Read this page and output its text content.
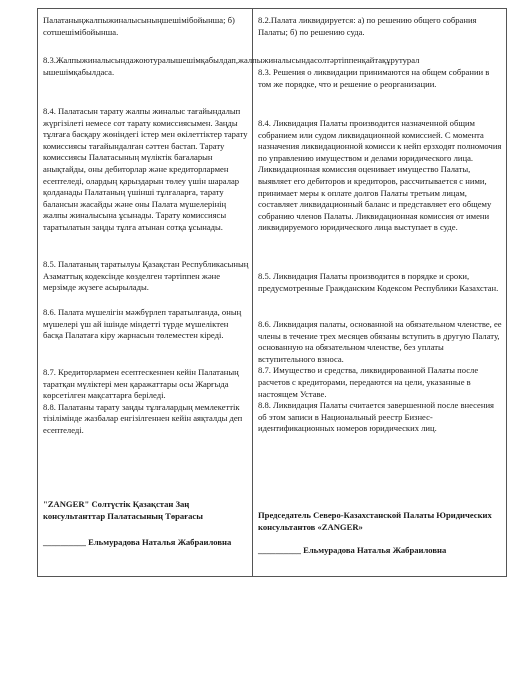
Палатаныңжалпыжиналысыныңшешімібойынша; б) сотшешімібойынша.

8.3.Жалпыжиналысындажоютуралышешімқабылдап,жалпыжиналысындасолтәртіппенқайтақұрутурал ышешімқабылдаса.

8.4. Палатасын тарату жалпы жиналыс тағайындалып жүргізілеті немесе сот тарату комиссиясымен. Заңды тұлғаға басқару жөніндегі істер мен өкілеттіктер тарату комиссиясы тағайындалған сәттен бастап. Тарату комиссиясы Палатасының мүліктік бағаларын анықтайды, оны дебиторлар және кредиторлармен есептеледі, олардың қарыздарын төлеу үшін шаралар қолданады Палатаның үшінші тұлғаларға, тарату балансын жасайды және оны Палата мүшелерінің жалпы жиналысына ұсынады. Тарату комиссиясы таратылатын заңды тұлға атынан сотқа ұсынады.

8.5. Палатаның таратылуы Қазақстан Республикасының Азаматтық кодексінде көзделген тәртіппен және мерзімде жүзеге асырылады.

8.6. Палата мүшелігін мәжбүрлеп таратылғанда, оның мүшелері үш ай ішінде міндетті түрде мүшеліктен басқа Палатаға кіру жарнасын төлеместен кіреді.

8.7. Кредиторлармен есептескеннен кейін Палатаның таратқан мүліктері мен қаражаттары осы Жарғыда көрсетілген мақсаттарға беріледі.
8.8. Палатаны тарату заңды тұлғалардың мемлекеттік тізілімінде жазбалар енгізілгеннен кейін аяқталды деп есептеледі.

"ZANGER" Солтүстік Қазақстан Заң консультанттар Палатасының Төрағасы

__________ Ельмурадова Наталья Жабраиловна

8.2.Палата ликвидируется: а) по решению общего собрания Палаты; б) по решению суда.

8.3. Решения о ликвидации принимаются на общем собрании в том же порядке, что и решение о реорганизации.

8.4. Ликвидация Палаты производится назначенной общим собранием или судом ликвидационной комиссией. С момента назначения ликвидационной комисси к нейп ерзходят полномочия по управлению имуществом и делами юридического лица. Ликвидационная комиссия оценивает имущество Палаты, выявляет его дебиторов и кредиторов, рассчитывается с ними, принимает меры к оплате долгов Палаты третьим лицам, составляет ликвидационный баланс и представляет его общему собранию членов Палаты. Ликвидационная комиссия от имени ликвидируемого юридического лица выступает в суде.

8.5. Ликвидация Палаты производится в порядке и сроки, предусмотренные Гражданским Кодексом Республики Казахстан.

8.6. Ликвидация палаты, основанной на обязательном членстве, ее члены в течение трех месяцев обязаны вступить в другую Палату, основанную на обязательном членстве, без уплаты вступительного взноса.
8.7. Имущество и средства, ликвидированной Палаты после расчетов с кредиторами, передаются на цели, указанные в настоящем Уставе.
8.8. Ликвидация Палаты считается завершенной после внесения об этом записи в Национальный реестр Бизнес-идентификационных номеров юридических лиц.

Председатель Северо-Казахстанской Палаты Юридических консультантов «ZANGER»

__________ Ельмурадова Наталья Жабраиловна
